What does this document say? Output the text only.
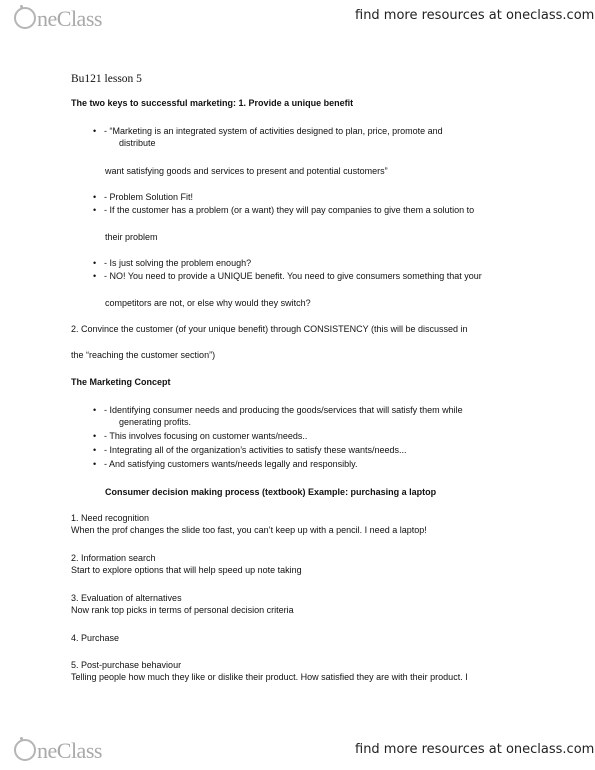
neClass	find more resources at oneclass.com
Bu121 lesson 5
The two keys to successful marketing: 1. Provide a unique benefit
• - “Marketing is an integrated system of activities designed to plan, price, promote and
distribute
want satisfying goods and services to present and potential customers”
• - Problem Solution Fit!
• - If the customer has a problem (or a want) they will pay companies to give them a solution to
their problem
• - Is just solving the problem enough?
• - NO! You need to provide a UNIQUE benefit. You need to give consumers something that your
competitors are not, or else why would they switch?
2. Convince the customer (of your unique benefit) through CONSISTENCY (this will be discussed in
the “reaching the customer section”)
The Marketing Concept
• - Identifying consumer needs and producing the goods/services that will satisfy them while
generating profits.
• - This involves focusing on customer wants/needs..
• - Integrating all of the organization’s activities to satisfy these wants/needs...
• - And satisfying customers wants/needs legally and responsibly.
Consumer decision making process (textbook) Example: purchasing a laptop
1. Need recognition
When the prof changes the slide too fast, you can’t keep up with a pencil. I need a laptop!
2. Information search
Start to explore options that will help speed up note taking
3. Evaluation of alternatives
Now rank top picks in terms of personal decision criteria
4. Purchase
5. Post-purchase behaviour
Telling people how much they like or dislike their product. How satisfied they are with their product. I
neClass	find more resources at oneclass.com
